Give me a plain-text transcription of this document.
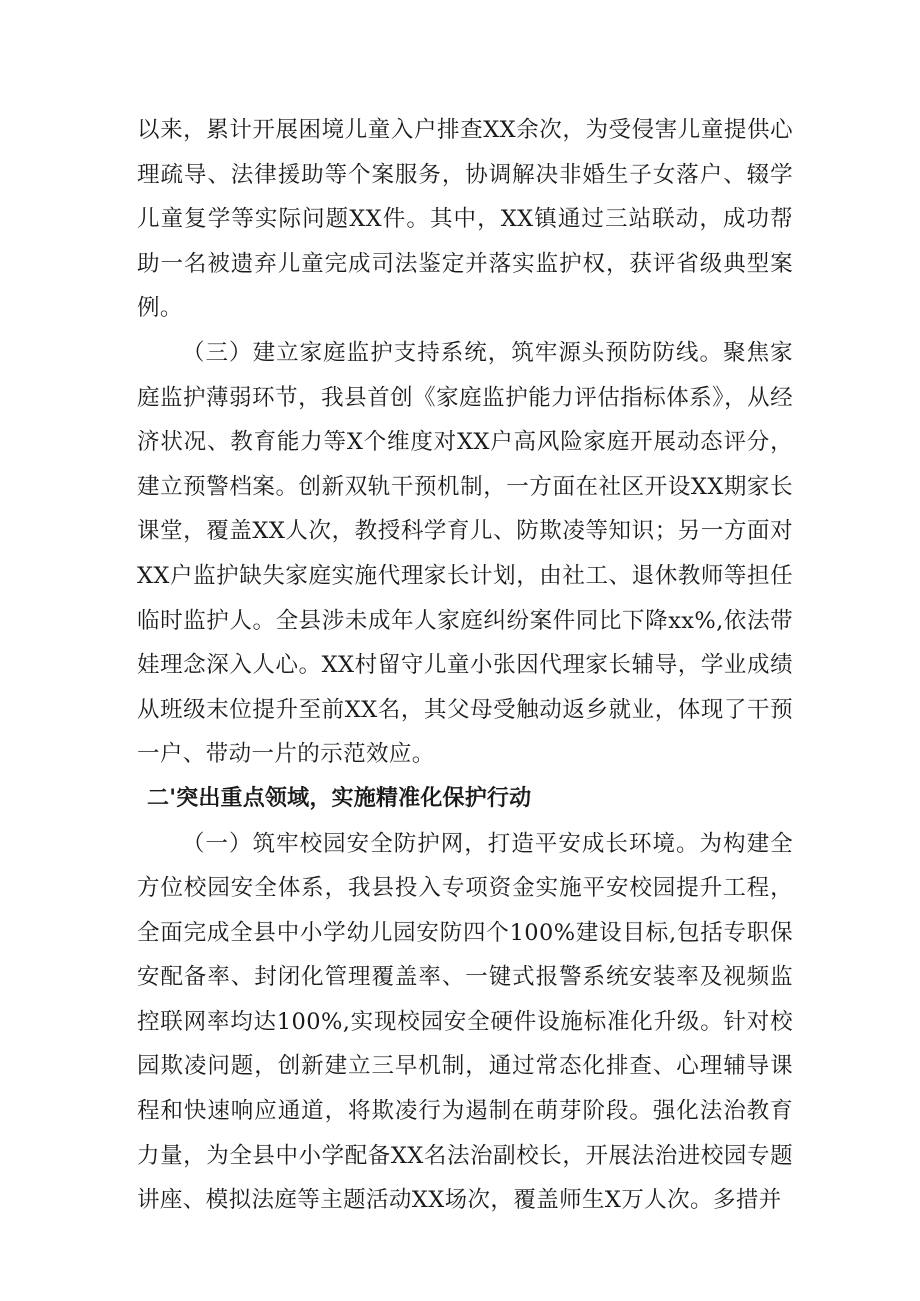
以来，累计开展困境儿童入户排查XX余次，为受侵害儿童提供心理疏导、法律援助等个案服务，协调解决非婚生子女落户、辍学儿童复学等实际问题XX件。其中，XX镇通过三站联动，成功帮助一名被遗弃儿童完成司法鉴定并落实监护权，获评省级典型案例。

（三）建立家庭监护支持系统，筑牢源头预防防线。聚焦家庭监护薄弱环节，我县首创《家庭监护能力评估指标体系》，从经济状况、教育能力等X个维度对XX户高风险家庭开展动态评分，建立预警档案。创新双轨干预机制，一方面在社区开设XX期家长课堂，覆盖XX人次，教授科学育儿、防欺凌等知识；另一方面对XX户监护缺失家庭实施代理家长计划，由社工、退休教师等担任临时监护人。全县涉未成年人家庭纠纷案件同比下降xx%,依法带娃理念深入人心。XX村留守儿童小张因代理家长辅导，学业成绩从班级末位提升至前XX名，其父母受触动返乡就业，体现了干预一户、带动一片的示范效应。

二'突出重点领域，实施精准化保护行动

（一）筑牢校园安全防护网，打造平安成长环境。为构建全方位校园安全体系，我县投入专项资金实施平安校园提升工程，全面完成全县中小学幼儿园安防四个100%建设目标,包括专职保安配备率、封闭化管理覆盖率、一键式报警系统安装率及视频监控联网率均达100%,实现校园安全硬件设施标准化升级。针对校园欺凌问题，创新建立三早机制，通过常态化排查、心理辅导课程和快速响应通道，将欺凌行为遏制在萌芽阶段。强化法治教育力量，为全县中小学配备XX名法治副校长，开展法治进校园专题讲座、模拟法庭等主题活动XX场次，覆盖师生X万人次。多措并
